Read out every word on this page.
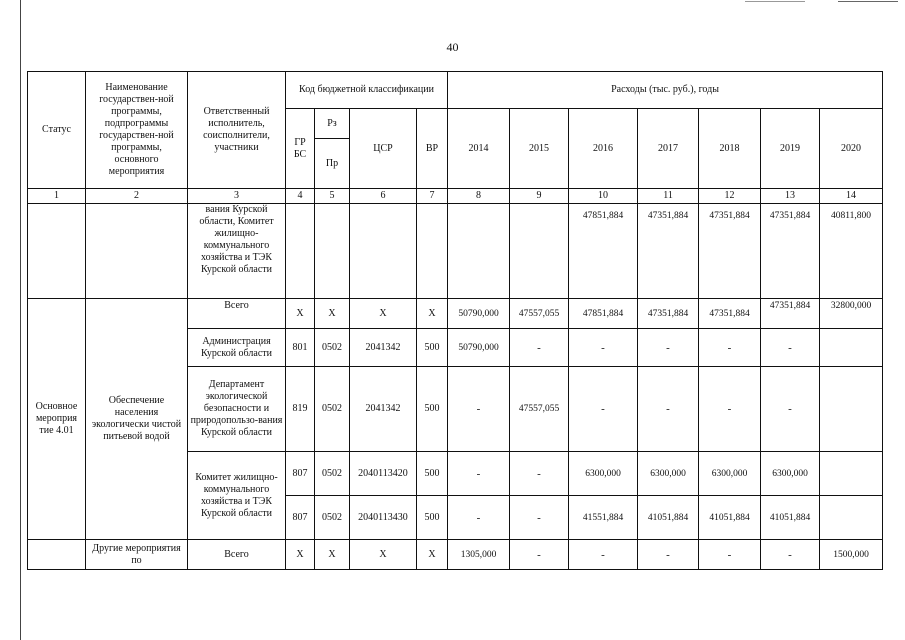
40
Статус	Наименование государствен-ной программы, подпрограммы государствен-ной программы, основного мероприятия	Ответственный исполнитель, соисполнители, участники	Код бюджетной классификации				Расходы (тыс. руб.), годы						
			ГР БС	Рз	ЦСР	ВР	2014	2015	2016	2017	2018	2019	2020
				Пр									
1	2	3	4	5	6	7	8	9	10	11	12	13	14
		вания Курской области, Комитет жилищно-коммунального хозяйства и ТЭК Курской области							47851,884	47351,884	47351,884	47351,884	40811,800
Основное мероприя тие 4.01	Обеспечение населения экологически чистой питьевой водой	Всего	Х	Х	Х	Х	50790,000	47557,055	47851,884	47351,884	47351,884	47351,884	32800,000
		Администрация Курской области	801	0502	2041342	500	50790,000	-	-	-	-	-	
		Департамент экологической безопасности и природопользо-вания Курской области	819	0502	2041342	500	-	47557,055	-	-	-	-	
		Комитет жилищно-коммунального хозяйства и ТЭК Курской области	807	0502	2040113420	500	-	-	6300,000	6300,000	6300,000	6300,000	
			807	0502	2040113430	500	-	-	41551,884	41051,884	41051,884	41051,884	
	Другие мероприятия по	Всего	Х	Х	Х	Х	1305,000	-	-	-	-	-	1500,000
